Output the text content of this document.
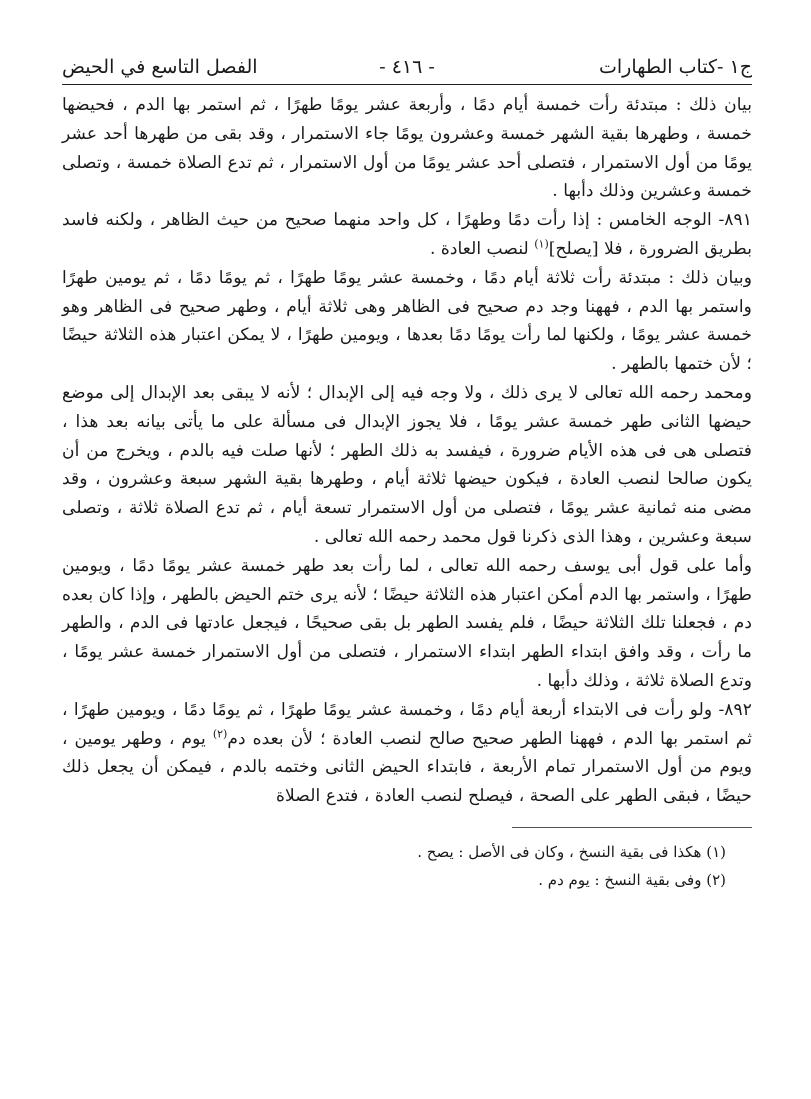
ج١ -كتاب الطهارات
- ٤١٦ -
الفصل التاسع في الحيض

بيان ذلك : مبتدئة رأت خمسة أيام دمًا ، وأربعة عشر يومًا طهرًا ، ثم استمر بها الدم ، فحيضها خمسة ، وطهرها بقية الشهر خمسة وعشرون يومًا جاء الاستمرار ، وقد بقى من طهرها أحد عشر يومًا من أول الاستمرار ، فتصلى أحد عشر يومًا من أول الاستمرار ، ثم تدع الصلاة خمسة ، وتصلى خمسة وعشرين وذلك دأبها .

٨٩١- الوجه الخامس : إذا رأت دمًا وطهرًا ، كل واحد منهما صحيح من حيث الظاهر ، ولكنه فاسد بطريق الضرورة ، فلا [يصلح]$^{(١)}$ لنصب العادة .

وبيان ذلك : مبتدئة رأت ثلاثة أيام دمًا ، وخمسة عشر يومًا طهرًا ، ثم يومًا دمًا ، ثم يومين طهرًا واستمر بها الدم ، فههنا وجد دم صحيح فى الظاهر وهى ثلاثة أيام ، وطهر صحيح فى الظاهر وهو خمسة عشر يومًا ، ولكنها لما رأت يومًا دمًا بعدها ، ويومين طهرًا ، لا يمكن اعتبار هذه الثلاثة حيضًا ؛ لأن ختمها بالطهر .

ومحمد رحمه الله تعالى لا يرى ذلك ، ولا وجه فيه إلى الإبدال ؛ لأنه لا يبقى بعد الإبدال إلى موضع حيضها الثانى طهر خمسة عشر يومًا ، فلا يجوز الإبدال فى مسألة على ما يأتى بيانه بعد هذا ، فتصلى هى فى هذه الأيام ضرورة ، فيفسد به ذلك الطهر ؛ لأنها صلت فيه بالدم ، ويخرج من أن يكون صالحا لنصب العادة ، فيكون حيضها ثلاثة أيام ، وطهرها بقية الشهر سبعة وعشرون ، وقد مضى منه ثمانية عشر يومًا ، فتصلى من أول الاستمرار تسعة أيام ، ثم تدع الصلاة ثلاثة ، وتصلى سبعة وعشرين ، وهذا الذى ذكرنا قول محمد رحمه الله تعالى .

وأما على قول أبى يوسف رحمه الله تعالى ، لما رأت بعد طهر خمسة عشر يومًا دمًا ، ويومين طهرًا ، واستمر بها الدم أمكن اعتبار هذه الثلاثة حيضًا ؛ لأنه يرى ختم الحيض بالطهر ، وإذا كان بعده دم ، فجعلنا تلك الثلاثة حيضًا ، فلم يفسد الطهر بل بقى صحيحًا ، فيجعل عادتها فى الدم ، والطهر ما رأت ، وقد وافق ابتداء الطهر ابتداء الاستمرار ، فتصلى من أول الاستمرار خمسة عشر يومًا ، وتدع الصلاة ثلاثة ، وذلك دأبها .

٨٩٢- ولو رأت فى الابتداء أربعة أيام دمًا ، وخمسة عشر يومًا طهرًا ، ثم يومًا دمًا ، ويومين طهرًا ، ثم استمر بها الدم ، فههنا الطهر صحيح صالح لنصب العادة ؛ لأن بعده دم$^{(٢)}$ يوم ، وطهر يومين ، ويوم من أول الاستمرار تمام الأربعة ، فابتداء الحيض الثانى وختمه بالدم ، فيمكن أن يجعل ذلك حيضًا ، فبقى الطهر على الصحة ، فيصلح لنصب العادة ، فتدع الصلاة

(١) هكذا فى بقية النسخ ، وكان فى الأصل : يصح .

(٢) وفى بقية النسخ : يوم دم .
